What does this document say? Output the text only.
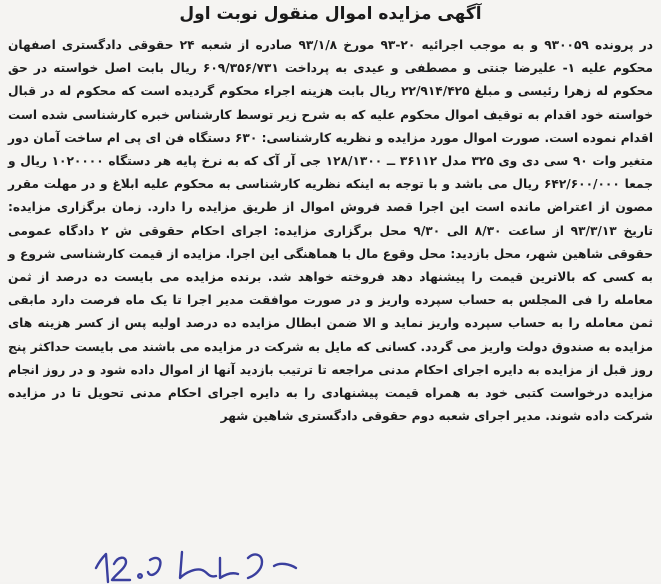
آگهی مزایده اموال منقول نوبت اول

در پرونده ۹۳۰۰۵۹ و به موجب اجرائیه ۲۰-۹۳ مورخ ۹۳/۱/۸ صادره از شعبه ۲۴ حقوقی دادگستری اصفهان محکوم علیه ۱- علیرضا جنتی و مصطفی و عیدی به پرداخت ۶۰۹/۳۵۶/۷۳۱ ریال بابت اصل خواسته در حق محکوم له زهرا رئیسی و مبلغ ۲۲/۹۱۴/۴۲۵ ریال بابت هزینه اجراء محکوم گردیده است که محکوم له در قبال خواسته خود اقدام به توقیف اموال محکوم علیه که به شرح زیر توسط کارشناس خبره کارشناسی شده است اقدام نموده است. صورت اموال مورد مزایده و نظریه کارشناسی: ۶۳۰ دستگاه فن ای پی ام ساخت آمان دور متغیر وات ۹۰ سی دی وی ۳۲۵ مدل ۳۶۱۱۲ ــ ۱۲۸/۱۳۰۰ جی آر آک که به نرخ پایه هر دستگاه ۱۰۲۰۰۰۰ ریال و جمعا ۶۴۲/۶۰۰/۰۰۰ ریال می باشد و با توجه به اینکه نظریه کارشناسی به محکوم علیه ابلاغ و در مهلت مقرر مصون از اعتراض مانده است این اجرا قصد فروش اموال از طریق مزایده را دارد. زمان برگزاری مزایده: تاریخ ۹۳/۳/۱۳ از ساعت ۸/۳۰ الی ۹/۳۰ محل برگزاری مزایده: اجرای احکام حقوقی ش ۲ دادگاه عمومی حقوقی شاهین شهر، محل بازدید: محل وقوع مال با هماهنگی این اجرا. مزایده از قیمت کارشناسی شروع و به کسی که بالاترین قیمت را پیشنهاد دهد فروخته خواهد شد. برنده مزایده می بایست ده درصد از ثمن معامله را فی المجلس به حساب سپرده واریز و در صورت موافقت مدیر اجرا تا یک ماه فرصت دارد مابقی ثمن معامله را به حساب سپرده واریز نماید و الا ضمن ابطال مزایده ده درصد اولیه پس از کسر هزینه های مزایده به صندوق دولت واریز می گردد. کسانی که مایل به شرکت در مزایده می باشند می بایست حداکثر پنج روز قبل از مزایده به دایره اجرای احکام مدنی مراجعه تا ترتیب بازدید آنها از اموال داده شود و در روز انجام مزایده درخواست کتبی خود به همراه قیمت پیشنهادی را به دایره اجرای احکام مدنی تحویل تا در مزایده شرکت داده شوند. مدیر اجرای شعبه دوم حقوقی دادگستری شاهین شهر
